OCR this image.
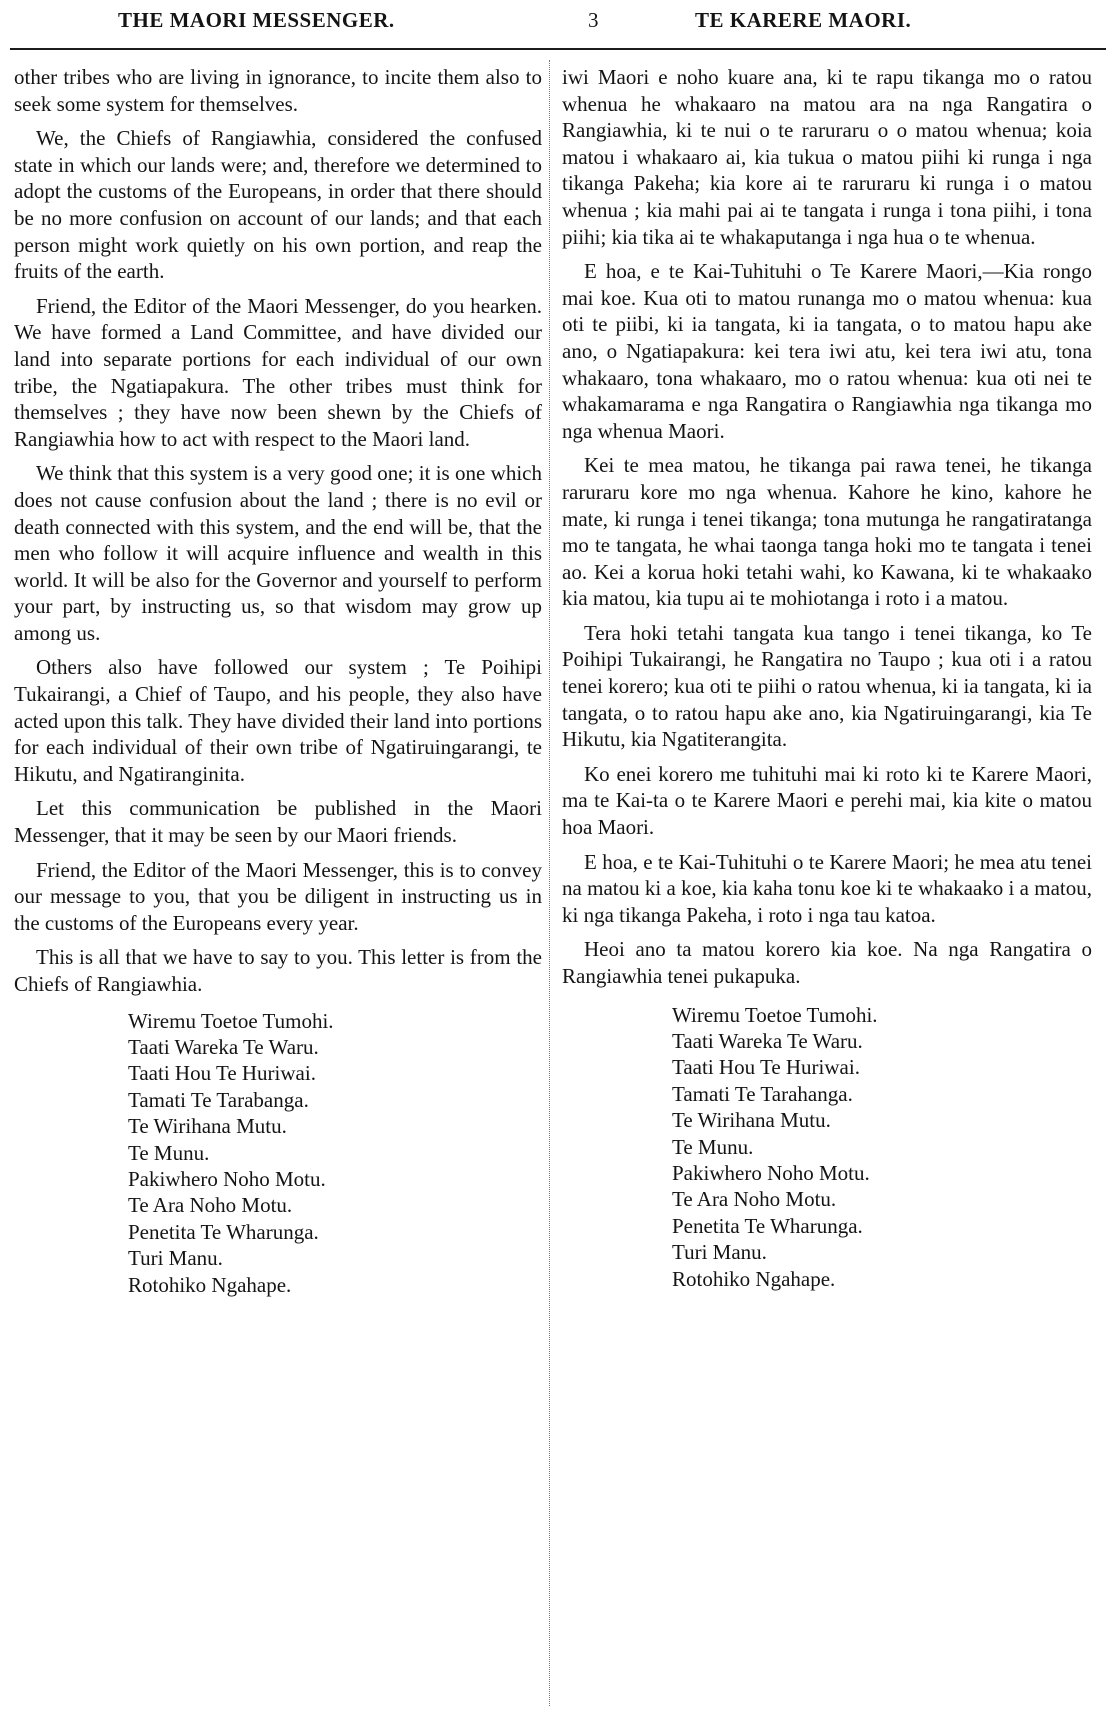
THE MAORI MESSENGER.	3	TE KARERE MAORI.

other tribes who are living in ignorance, to incite them also to seek some system for themselves.

We, the Chiefs of Rangiawhia, considered the confused state in which our lands were; and, therefore we determined to adopt the customs of the Europeans, in order that there should be no more confusion on account of our lands; and that each person might work quietly on his own portion, and reap the fruits of the earth.

Friend, the Editor of the Maori Messenger, do you hearken. We have formed a Land Committee, and have divided our land into separate portions for each individual of our own tribe, the Ngatiapakura. The other tribes must think for themselves ; they have now been shewn by the Chiefs of Rangiawhia how to act with respect to the Maori land.

We think that this system is a very good one; it is one which does not cause confusion about the land ; there is no evil or death connected with this system, and the end will be, that the men who follow it will acquire influence and wealth in this world. It will be also for the Governor and yourself to perform your part, by instructing us, so that wisdom may grow up among us.

Others also have followed our system ; Te Poihipi Tukairangi, a Chief of Taupo, and his people, they also have acted upon this talk. They have divided their land into portions for each individual of their own tribe of Ngatiruingarangi, te Hikutu, and Ngatiranginita.

Let this communication be published in the Maori Messenger, that it may be seen by our Maori friends.

Friend, the Editor of the Maori Messenger, this is to convey our message to you, that you be diligent in instructing us in the customs of the Europeans every year.

This is all that we have to say to you. This letter is from the Chiefs of Rangiawhia.

Wiremu Toetoe Tumohi.
Taati Wareka Te Waru.
Taati Hou Te Huriwai.
Tamati Te Tarabanga.
Te Wirihana Mutu.
Te Munu.
Pakiwhero Noho Motu.
Te Ara Noho Motu.
Penetita Te Wharunga.
Turi Manu.
Rotohiko Ngahape.

iwi Maori e noho kuare ana, ki te rapu tikanga mo o ratou whenua he whakaaro na matou ara na nga Rangatira o Rangiawhia, ki te nui o te raruraru o o matou whenua; koia matou i whakaaro ai, kia tukua o matou piihi ki runga i nga tikanga Pakeha; kia kore ai te raruraru ki runga i o matou whenua ; kia mahi pai ai te tangata i runga i tona piihi, i tona piihi; kia tika ai te whakaputanga i nga hua o te whenua.

E hoa, e te Kai-Tuhituhi o Te Karere Maori,—Kia rongo mai koe. Kua oti to matou runanga mo o matou whenua: kua oti te piibi, ki ia tangata, ki ia tangata, o to matou hapu ake ano, o Ngatiapakura: kei tera iwi atu, kei tera iwi atu, tona whakaaro, tona whakaaro, mo o ratou whenua: kua oti nei te whakamarama e nga Rangatira o Rangiawhia nga tikanga mo nga whenua Maori.

Kei te mea matou, he tikanga pai rawa tenei, he tikanga raruraru kore mo nga whenua. Kahore he kino, kahore he mate, ki runga i tenei tikanga; tona mutunga he rangatiratanga mo te tangata, he whai taonga tanga hoki mo te tangata i tenei ao. Kei a korua hoki tetahi wahi, ko Kawana, ki te whakaako kia matou, kia tupu ai te mohiotanga i roto i a matou.

Tera hoki tetahi tangata kua tango i tenei tikanga, ko Te Poihipi Tukairangi, he Rangatira no Taupo ; kua oti i a ratou tenei korero; kua oti te piihi o ratou whenua, ki ia tangata, ki ia tangata, o to ratou hapu ake ano, kia Ngatiruingarangi, kia Te Hikutu, kia Ngatiterangita.

Ko enei korero me tuhituhi mai ki roto ki te Karere Maori, ma te Kai-ta o te Karere Maori e perehi mai, kia kite o matou hoa Maori.

E hoa, e te Kai-Tuhituhi o te Karere Maori; he mea atu tenei na matou ki a koe, kia kaha tonu koe ki te whakaako i a matou, ki nga tikanga Pakeha, i roto i nga tau katoa.

Heoi ano ta matou korero kia koe. Na nga Rangatira o Rangiawhia tenei pukapuka.

Wiremu Toetoe Tumohi.
Taati Wareka Te Waru.
Taati Hou Te Huriwai.
Tamati Te Tarahanga.
Te Wirihana Mutu.
Te Munu.
Pakiwhero Noho Motu.
Te Ara Noho Motu.
Penetita Te Wharunga.
Turi Manu.
Rotohiko Ngahape.
